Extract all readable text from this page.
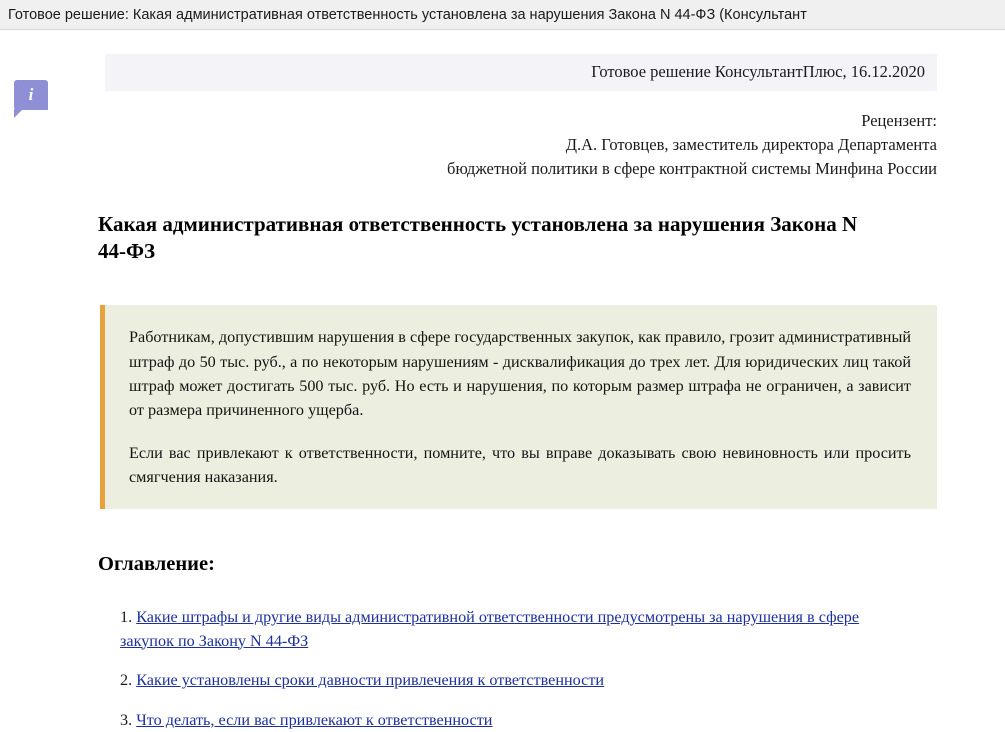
Готовое решение: Какая административная ответственность установлена за нарушения Закона N 44-ФЗ (Консультант
i
Готовое решение КонсультантПлюс, 16.12.2020
Рецензент:
Д.А. Готовцев, заместитель директора Департамента
бюджетной политики в сфере контрактной системы Минфина России
Какая административная ответственность установлена за нарушения Закона N 44-ФЗ

Работникам, допустившим нарушения в сфере государственных закупок, как правило, грозит административный штраф до 50 тыс. руб., а по некоторым нарушениям - дисквалификация до трех лет. Для юридических лиц такой штраф может достигать 500 тыс. руб. Но есть и нарушения, по которым размер штрафа не ограничен, а зависит от размера причиненного ущерба.

Если вас привлекают к ответственности, помните, что вы вправе доказывать свою невиновность или просить смягчения наказания.

Оглавление:
1. Какие штрафы и другие виды административной ответственности предусмотрены за нарушения в сфере закупок по Закону N 44-ФЗ
2. Какие установлены сроки давности привлечения к ответственности
3. Что делать, если вас привлекают к ответственности
